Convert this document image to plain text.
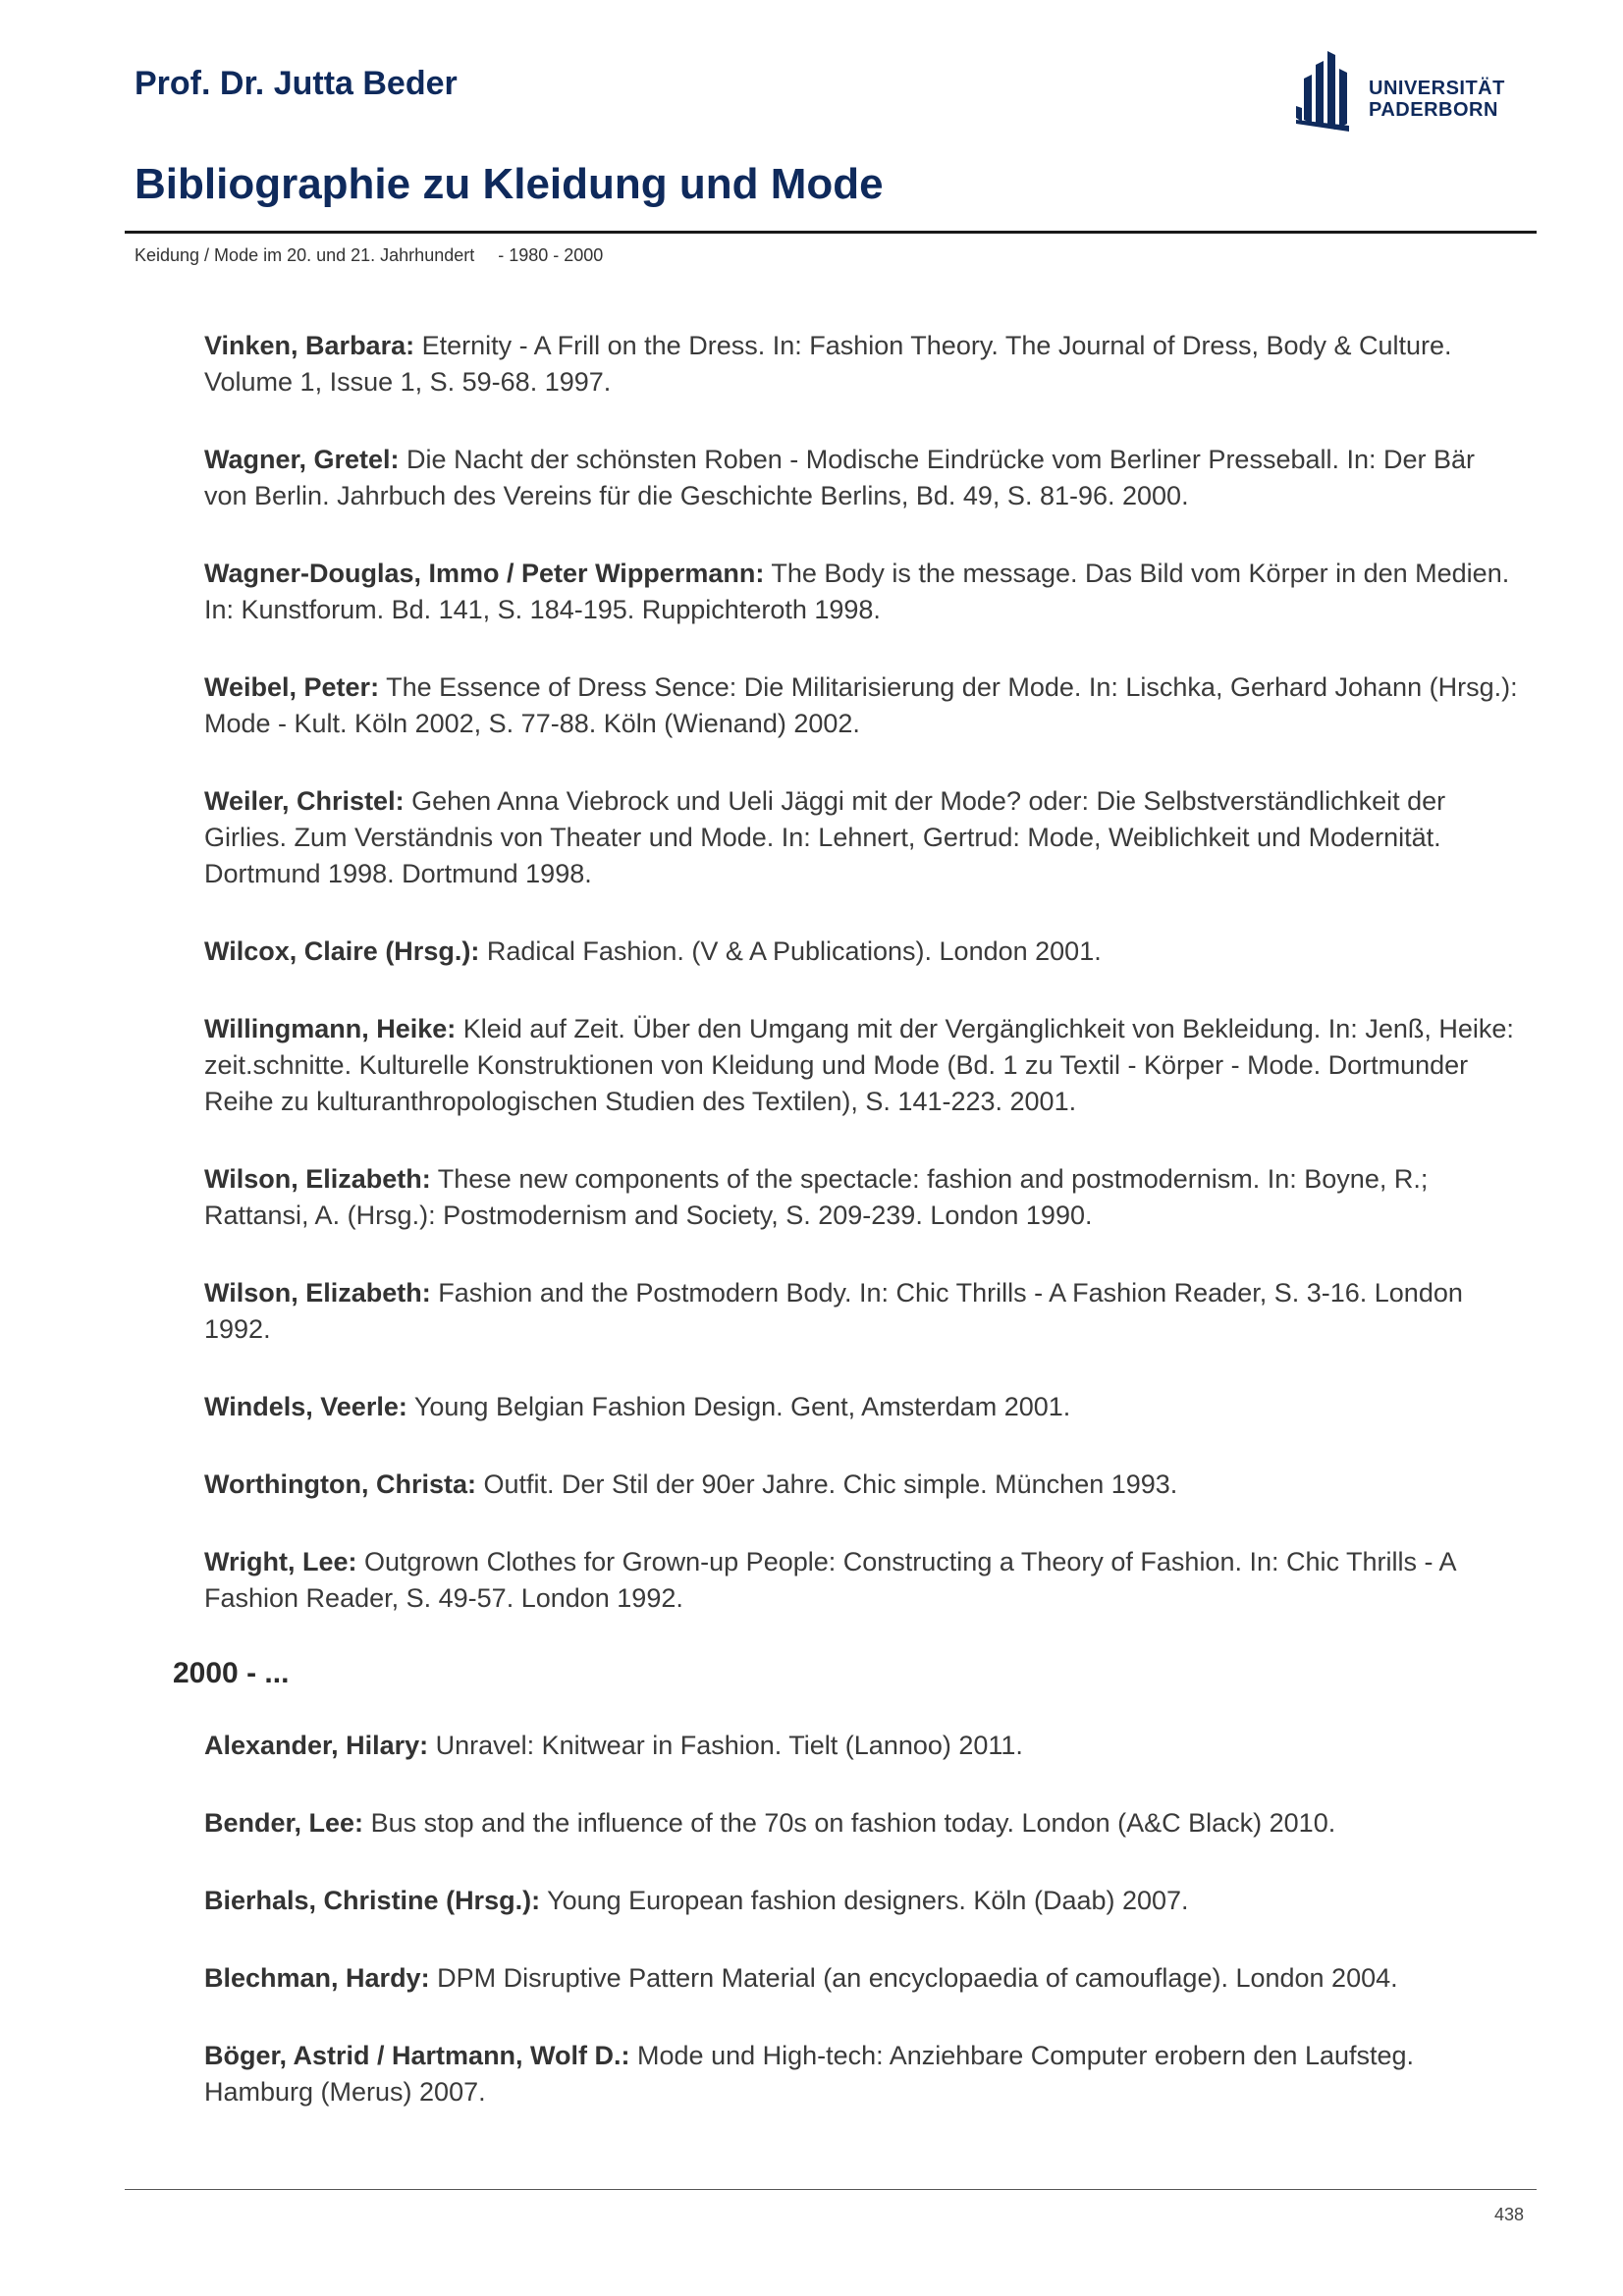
Prof. Dr. Jutta Beder	UNIVERSITÄT
PADERBORN
Bibliographie zu Kleidung und Mode
Keidung / Mode im 20. und 21. Jahrhundert - 1980 - 2000

Vinken, Barbara: Eternity - A Frill on the Dress. In: Fashion Theory. The Journal of Dress, Body & Culture. Volume 1, Issue 1, S. 59-68. 1997.

Wagner, Gretel: Die Nacht der schönsten Roben - Modische Eindrücke vom Berliner Presseball. In: Der Bär von Berlin. Jahrbuch des Vereins für die Geschichte Berlins, Bd. 49, S. 81-96. 2000.

Wagner-Douglas, Immo / Peter Wippermann: The Body is the message. Das Bild vom Körper in den Medien. In: Kunstforum. Bd. 141, S. 184-195. Ruppichteroth 1998.

Weibel, Peter: The Essence of Dress Sence: Die Militarisierung der Mode. In: Lischka, Gerhard Johann (Hrsg.): Mode - Kult. Köln 2002, S. 77-88. Köln (Wienand) 2002.

Weiler, Christel: Gehen Anna Viebrock und Ueli Jäggi mit der Mode? oder: Die Selbstverständlichkeit der Girlies. Zum Verständnis von Theater und Mode. In: Lehnert, Gertrud: Mode, Weiblichkeit und Modernität. Dortmund 1998. Dortmund 1998.

Wilcox, Claire (Hrsg.): Radical Fashion. (V & A Publications). London 2001.

Willingmann, Heike: Kleid auf Zeit. Über den Umgang mit der Vergänglichkeit von Bekleidung. In: Jenß, Heike: zeit.schnitte. Kulturelle Konstruktionen von Kleidung und Mode (Bd. 1 zu Textil - Körper - Mode. Dortmunder Reihe zu kulturanthropologischen Studien des Textilen), S. 141-223. 2001.

Wilson, Elizabeth: These new components of the spectacle: fashion and postmodernism. In: Boyne, R.; Rattansi, A. (Hrsg.): Postmodernism and Society, S. 209-239. London 1990.

Wilson, Elizabeth: Fashion and the Postmodern Body. In: Chic Thrills - A Fashion Reader, S. 3-16. London 1992.

Windels, Veerle: Young Belgian Fashion Design. Gent, Amsterdam 2001.

Worthington, Christa: Outfit. Der Stil der 90er Jahre. Chic simple. München 1993.

Wright, Lee: Outgrown Clothes for Grown-up People: Constructing a Theory of Fashion. In: Chic Thrills - A Fashion Reader, S. 49-57. London 1992.

2000 - ...

Alexander, Hilary: Unravel: Knitwear in Fashion. Tielt (Lannoo) 2011.

Bender, Lee: Bus stop and the influence of the 70s on fashion today. London (A&C Black) 2010.

Bierhals, Christine (Hrsg.): Young European fashion designers. Köln (Daab) 2007.

Blechman, Hardy: DPM Disruptive Pattern Material (an encyclopaedia of camouflage). London 2004.

Böger, Astrid / Hartmann, Wolf D.: Mode und High-tech: Anziehbare Computer erobern den Laufsteg. Hamburg (Merus) 2007.

438
